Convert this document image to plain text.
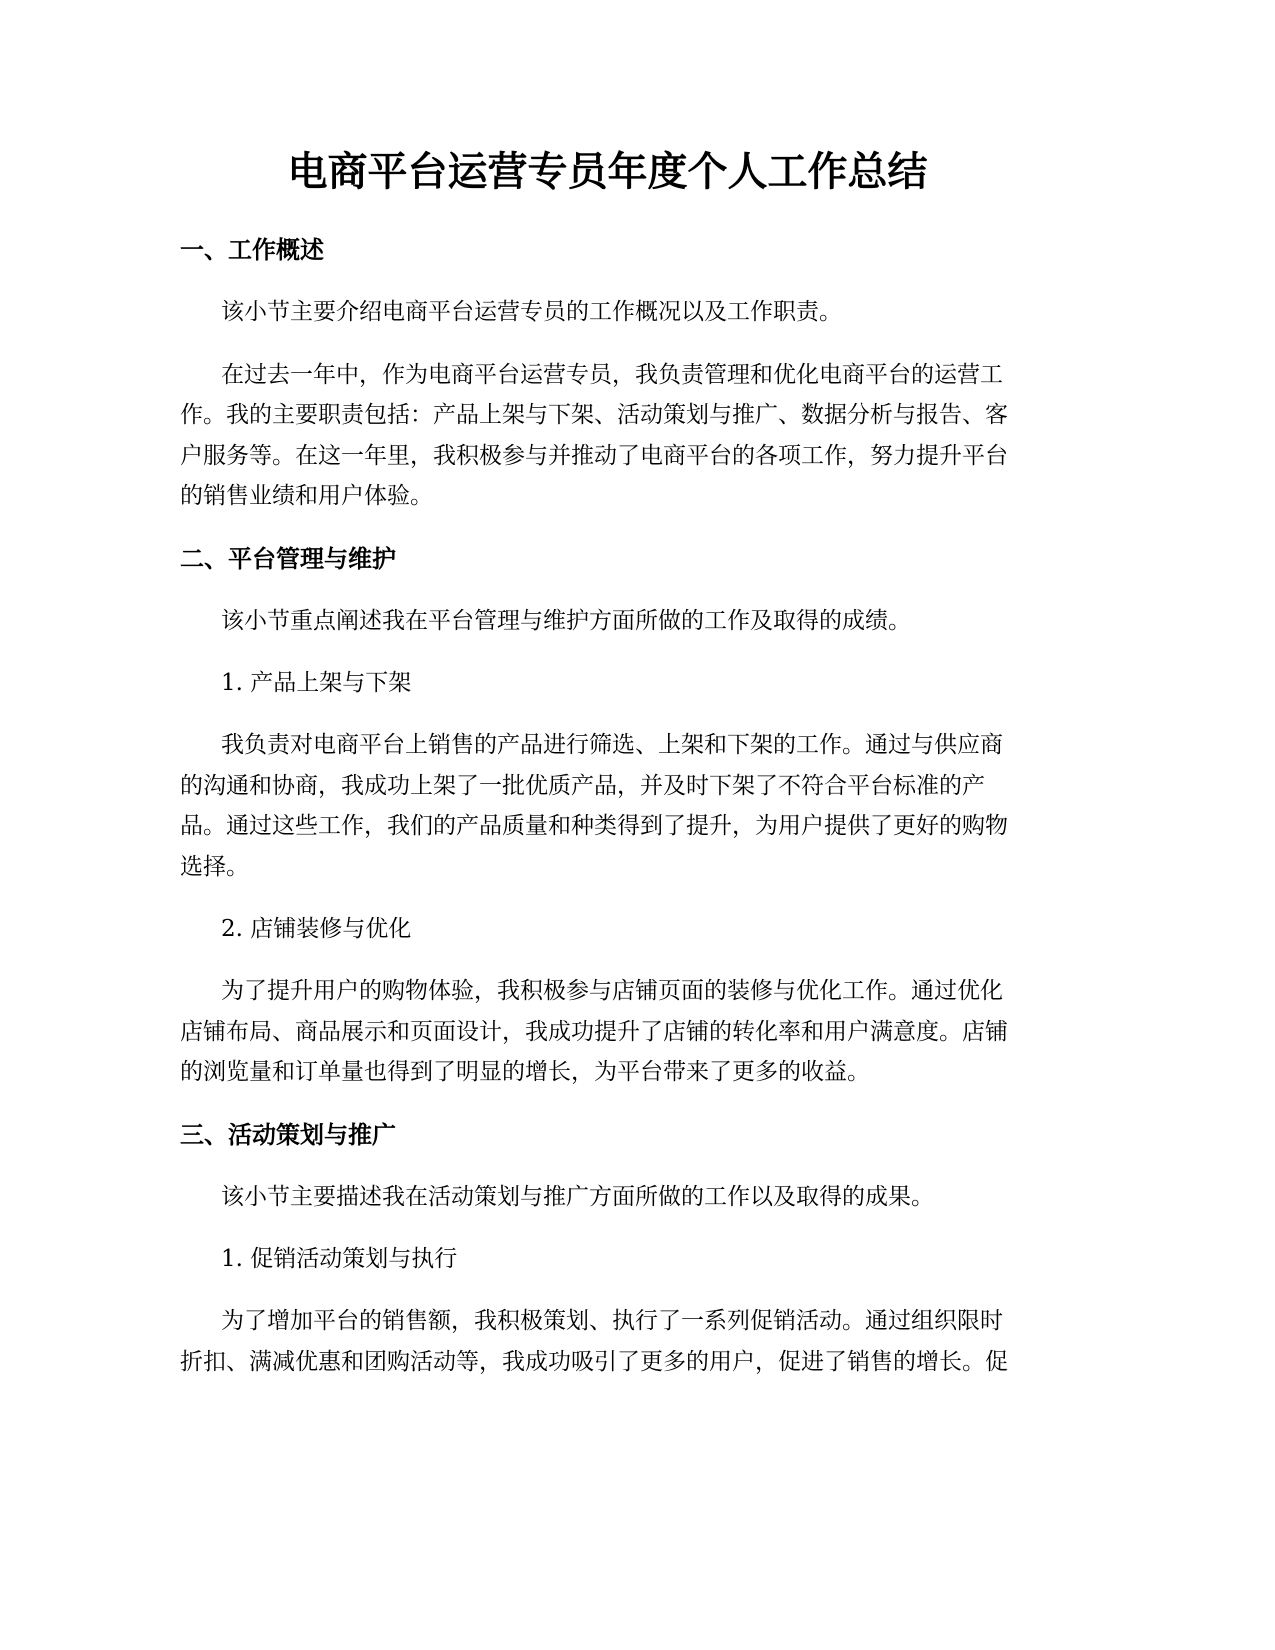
电商平台运营专员年度个人工作总结
一、工作概述

该小节主要介绍电商平台运营专员的工作概况以及工作职责。

在过去一年中，作为电商平台运营专员，我负责管理和优化电商平台的运营工
作。我的主要职责包括：产品上架与下架、活动策划与推广、数据分析与报告、客
户服务等。在这一年里，我积极参与并推动了电商平台的各项工作，努力提升平台
的销售业绩和用户体验。

二、平台管理与维护

该小节重点阐述我在平台管理与维护方面所做的工作及取得的成绩。

1. 产品上架与下架

我负责对电商平台上销售的产品进行筛选、上架和下架的工作。通过与供应商
的沟通和协商，我成功上架了一批优质产品，并及时下架了不符合平台标准的产
品。通过这些工作，我们的产品质量和种类得到了提升，为用户提供了更好的购物
选择。

2. 店铺装修与优化

为了提升用户的购物体验，我积极参与店铺页面的装修与优化工作。通过优化
店铺布局、商品展示和页面设计，我成功提升了店铺的转化率和用户满意度。店铺
的浏览量和订单量也得到了明显的增长，为平台带来了更多的收益。

三、活动策划与推广

该小节主要描述我在活动策划与推广方面所做的工作以及取得的成果。

1. 促销活动策划与执行

为了增加平台的销售额，我积极策划、执行了一系列促销活动。通过组织限时
折扣、满减优惠和团购活动等，我成功吸引了更多的用户，促进了销售的增长。促
